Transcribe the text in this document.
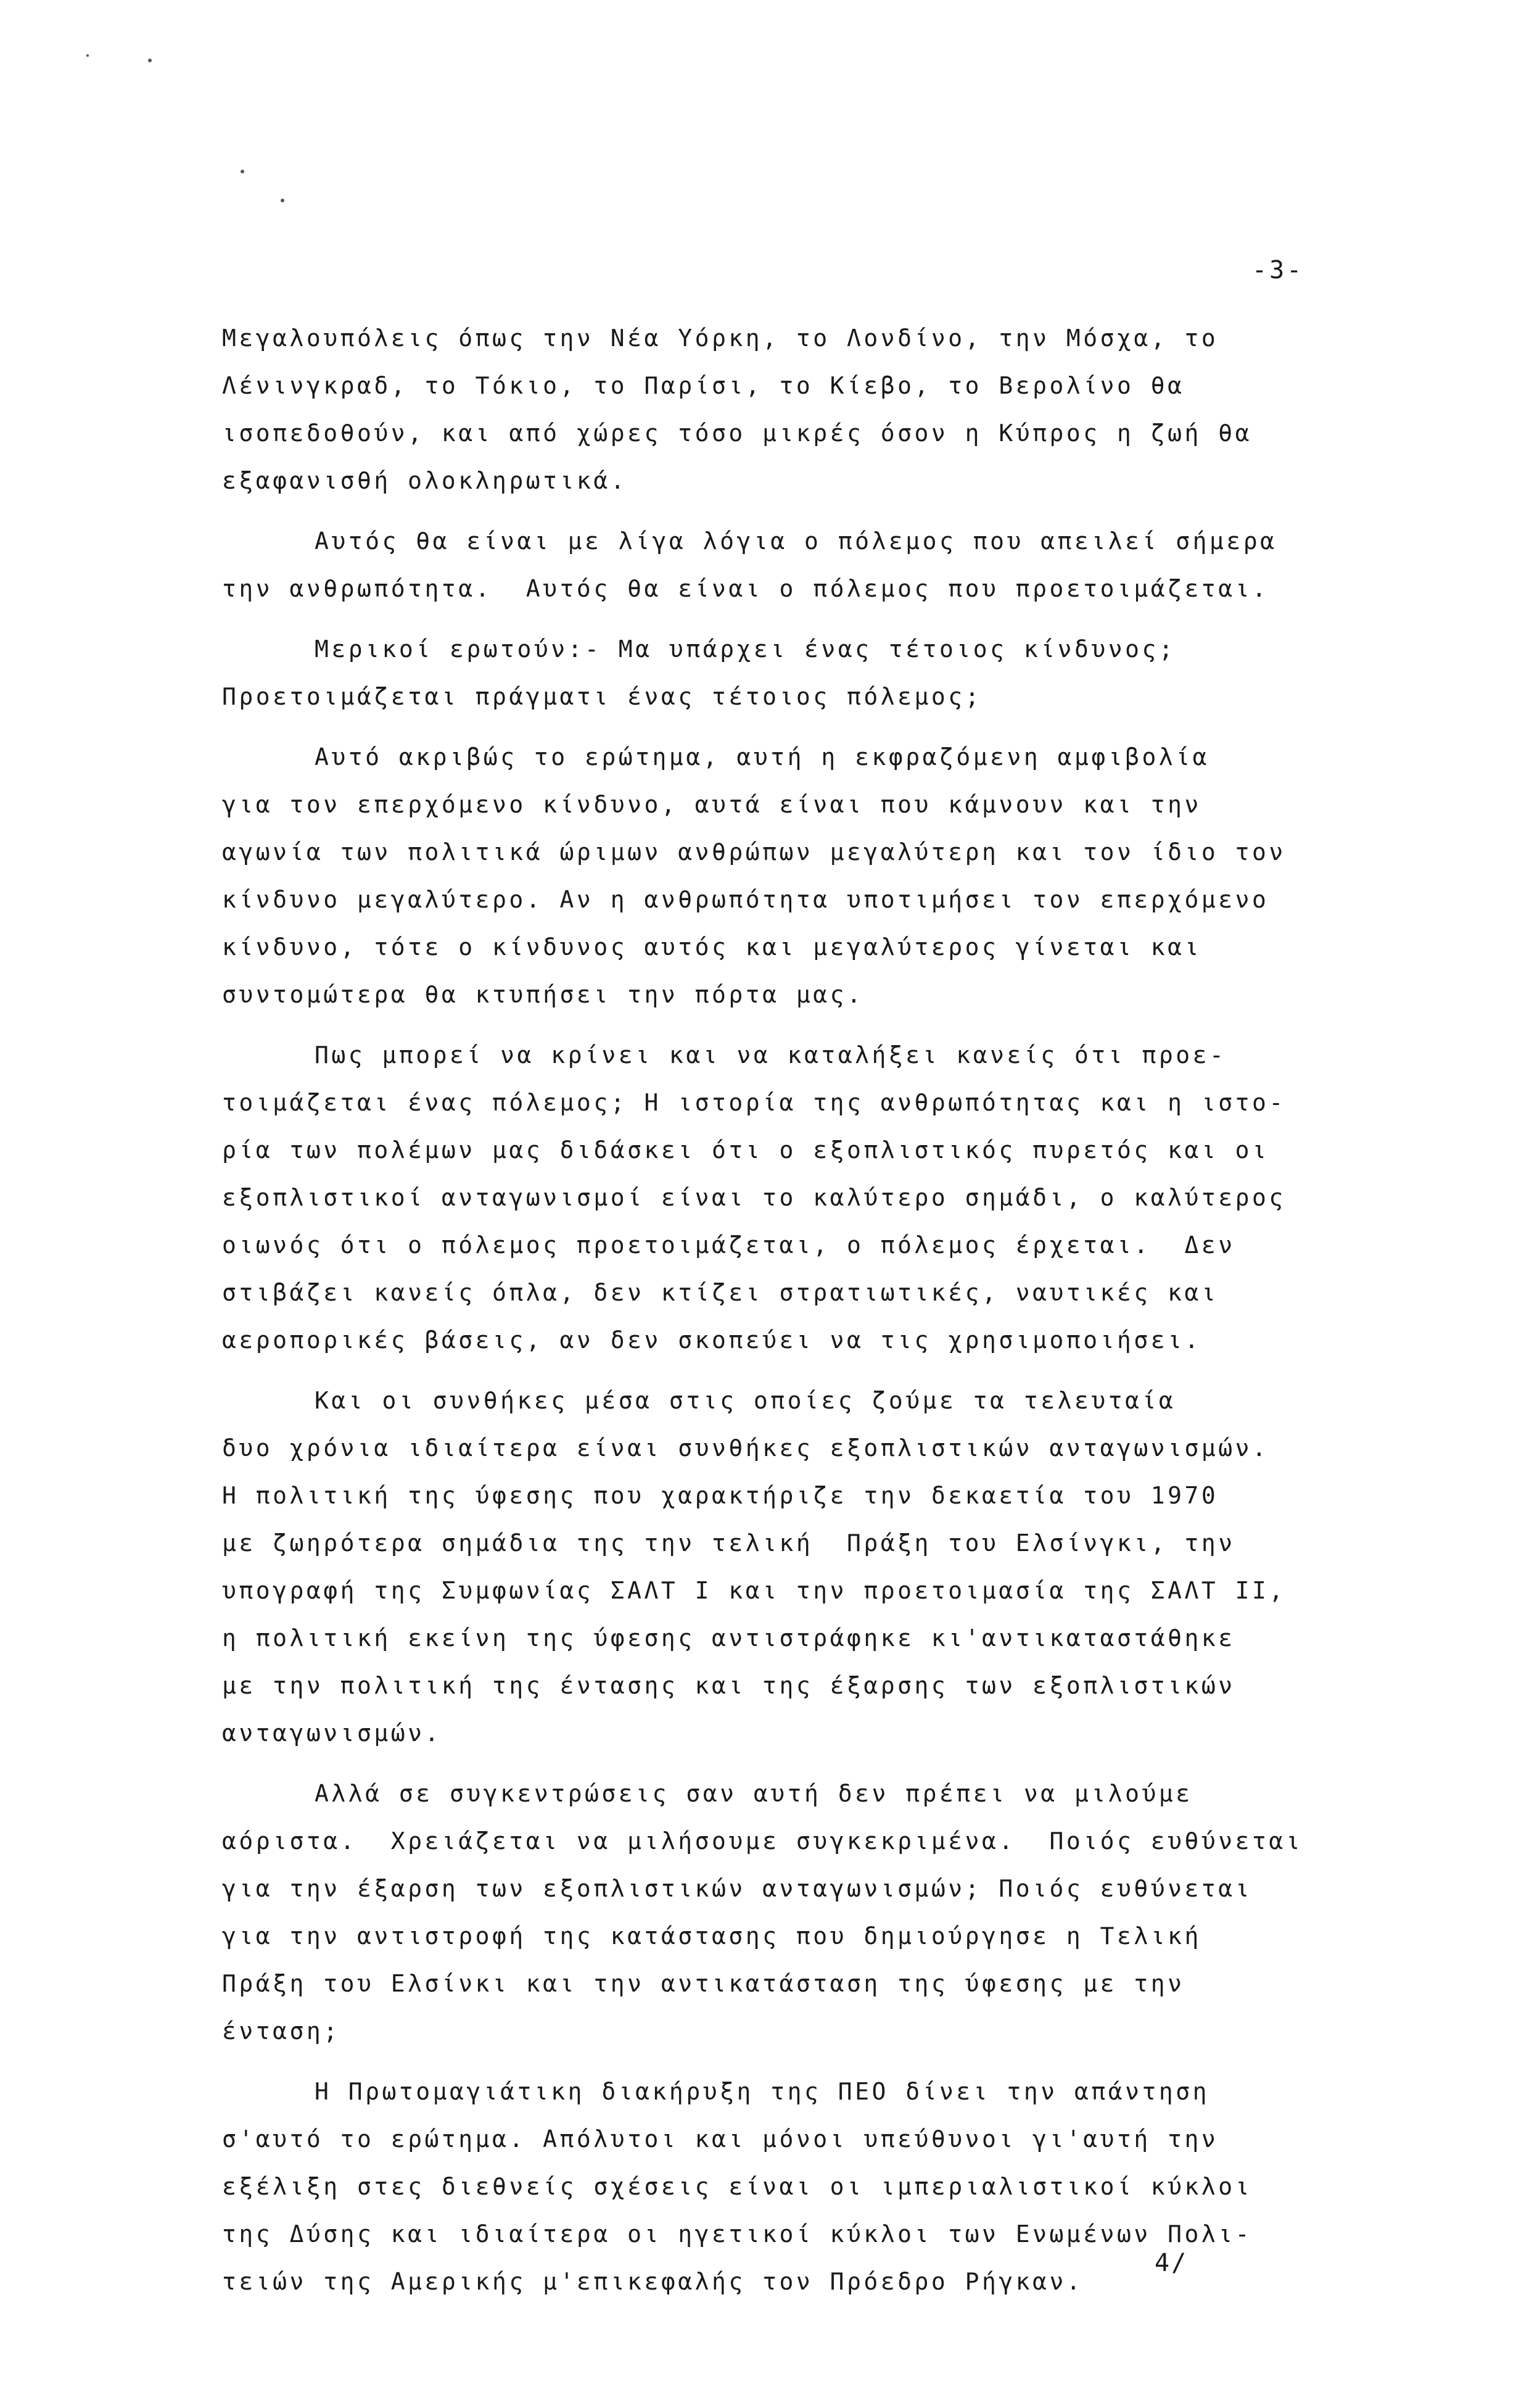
-3-
Μεγαλουπόλεις όπως την Νέα Υόρκη, το Λονδίνο, την Μόσχα, το
Λένινγκραδ, το Τόκιο, το Παρίσι, το Κίεβο, το Βερολίνο θα
ισοπεδοθούν, και από χώρες τόσο μικρές όσον η Κύπρος η ζωή θα
εξαφανισθή ολοκληρωτικά.
Αυτός θα είναι με λίγα λόγια ο πόλεμος που απειλεί σήμερα
την ανθρωπότητα.  Αυτός θα είναι ο πόλεμος που προετοιμάζεται.
Μερικοί ερωτούν:- Μα υπάρχει ένας τέτοιος κίνδυνος;
Προετοιμάζεται πράγματι ένας τέτοιος πόλεμος;
Αυτό ακριβώς το ερώτημα, αυτή η εκφραζόμενη αμφιβολία
για τον επερχόμενο κίνδυνο, αυτά είναι που κάμνουν και την
αγωνία των πολιτικά ώριμων ανθρώπων μεγαλύτερη και τον ίδιο τον
κίνδυνο μεγαλύτερο. Αν η ανθρωπότητα υποτιμήσει τον επερχόμενο
κίνδυνο, τότε ο κίνδυνος αυτός και μεγαλύτερος γίνεται και
συντομώτερα θα κτυπήσει την πόρτα μας.
Πως μπορεί να κρίνει και να καταλήξει κανείς ότι προε-
τοιμάζεται ένας πόλεμος; Η ιστορία της ανθρωπότητας και η ιστο-
ρία των πολέμων μας διδάσκει ότι ο εξοπλιστικός πυρετός και οι
εξοπλιστικοί ανταγωνισμοί είναι το καλύτερο σημάδι, ο καλύτερος
οιωνός ότι ο πόλεμος προετοιμάζεται, ο πόλεμος έρχεται.  Δεν
στιβάζει κανείς όπλα, δεν κτίζει στρατιωτικές, ναυτικές και
αεροπορικές βάσεις, αν δεν σκοπεύει να τις χρησιμοποιήσει.
Και οι συνθήκες μέσα στις οποίες ζούμε τα τελευταία
δυο χρόνια ιδιαίτερα είναι συνθήκες εξοπλιστικών ανταγωνισμών.
Η πολιτική της ύφεσης που χαρακτήριζε την δεκαετία του 1970
με ζωηρότερα σημάδια της την τελική  Πράξη του Ελσίνγκι, την
υπογραφή της Συμφωνίας ΣΑΛΤ Ι και την προετοιμασία της ΣΑΛΤ ΙΙ,
η πολιτική εκείνη της ύφεσης αντιστράφηκε κι'αντικαταστάθηκε
με την πολιτική της έντασης και της έξαρσης των εξοπλιστικών
ανταγωνισμών.
Αλλά σε συγκεντρώσεις σαν αυτή δεν πρέπει να μιλούμε
αόριστα.  Χρειάζεται να μιλήσουμε συγκεκριμένα.  Ποιός ευθύνεται
για την έξαρση των εξοπλιστικών ανταγωνισμών; Ποιός ευθύνεται
για την αντιστροφή της κατάστασης που δημιούργησε η Τελική
Πράξη του Ελσίνκι και την αντικατάσταση της ύφεσης με την
ένταση;
Η Πρωτομαγιάτικη διακήρυξη της ΠΕΟ δίνει την απάντηση
σ'αυτό το ερώτημα. Απόλυτοι και μόνοι υπεύθυνοι γι'αυτή την
εξέλιξη στες διεθνείς σχέσεις είναι οι ιμπεριαλιστικοί κύκλοι
της Δύσης και ιδιαίτερα οι ηγετικοί κύκλοι των Ενωμένων Πολι-
τειών της Αμερικής μ'επικεφαλής τον Πρόεδρο Ρήγκαν.
4/
